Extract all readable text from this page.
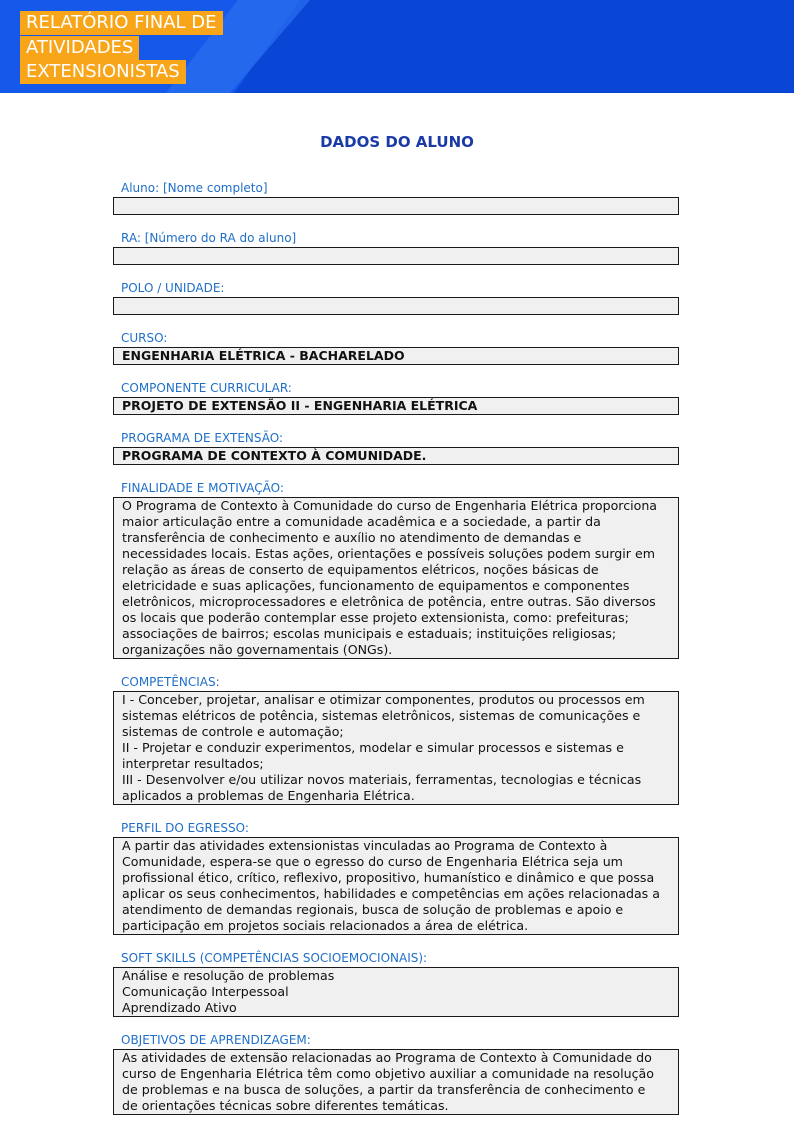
RELATÓRIO FINAL DE
ATIVIDADES
EXTENSIONISTAS
DADOS DO ALUNO
Aluno: [Nome completo]
RA: [Número do RA do aluno]
POLO / UNIDADE:
CURSO:
ENGENHARIA ELÉTRICA - BACHARELADO
COMPONENTE CURRICULAR:
PROJETO DE EXTENSÃO II - ENGENHARIA ELÉTRICA
PROGRAMA DE EXTENSÃO:
PROGRAMA DE CONTEXTO À COMUNIDADE.
FINALIDADE E MOTIVAÇÃO:
O Programa de Contexto à Comunidade do curso de Engenharia Elétrica proporciona
maior articulação entre a comunidade acadêmica e a sociedade, a partir da
transferência de conhecimento e auxílio no atendimento de demandas e
necessidades locais. Estas ações, orientações e possíveis soluções podem surgir em
relação as áreas de conserto de equipamentos elétricos, noções básicas de
eletricidade e suas aplicações, funcionamento de equipamentos e componentes
eletrônicos, microprocessadores e eletrônica de potência, entre outras. São diversos
os locais que poderão contemplar esse projeto extensionista, como: prefeituras;
associações de bairros; escolas municipais e estaduais; instituições religiosas;
organizações não governamentais (ONGs).
COMPETÊNCIAS:
I - Conceber, projetar, analisar e otimizar componentes, produtos ou processos em
sistemas elétricos de potência, sistemas eletrônicos, sistemas de comunicações e
sistemas de controle e automação;
II - Projetar e conduzir experimentos, modelar e simular processos e sistemas e
interpretar resultados;
III - Desenvolver e/ou utilizar novos materiais, ferramentas, tecnologias e técnicas
aplicados a problemas de Engenharia Elétrica.
PERFIL DO EGRESSO:
A partir das atividades extensionistas vinculadas ao Programa de Contexto à
Comunidade, espera-se que o egresso do curso de Engenharia Elétrica seja um
profissional ético, crítico, reflexivo, propositivo, humanístico e dinâmico e que possa
aplicar os seus conhecimentos, habilidades e competências em ações relacionadas a
atendimento de demandas regionais, busca de solução de problemas e apoio e
participação em projetos sociais relacionados a área de elétrica.
SOFT SKILLS (COMPETÊNCIAS SOCIOEMOCIONAIS):
Análise e resolução de problemas
Comunicação Interpessoal
Aprendizado Ativo
OBJETIVOS DE APRENDIZAGEM:
As atividades de extensão relacionadas ao Programa de Contexto à Comunidade do
curso de Engenharia Elétrica têm como objetivo auxiliar a comunidade na resolução
de problemas e na busca de soluções, a partir da transferência de conhecimento e
de orientações técnicas sobre diferentes temáticas.
